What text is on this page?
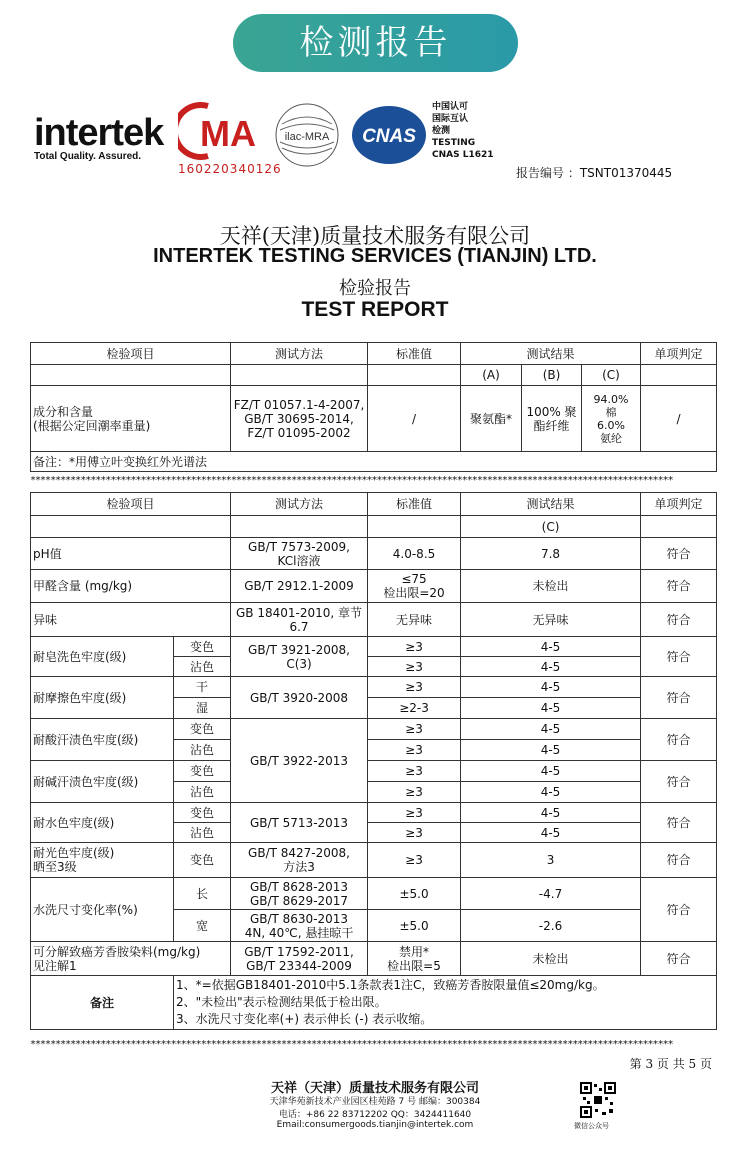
检测报告
intertek
Total Quality. Assured.
MA
160220340126
ilac-MRA CNAS
中国认可
国际互认
检测
TESTING
CNAS L1621
报告编号 ：TSNT01370445
天祥(天津)质量技术服务有限公司
INTERTEK TESTING SERVICES (TIANJIN) LTD.
检验报告
TEST REPORT
检验项目	测试方法	标准值	测试结果			单项判定
			(A)	(B)	(C)	
成分和含量
(根据公定回潮率重量)	FZ/T 01057.1-4-2007,
GB/T 30695-2014,
FZ/T 01095-2002	/	聚氨酯*	100% 聚
酯纤维	94.0%
棉
6.0%
氨纶	/
备注：*用傅立叶变换红外光谱法						
********************************************************************************************************************************
检验项目		测试方法	标准值	测试结果	单项判定
				(C)	
pH值		GB/T 7573-2009,
KCl溶液	4.0-8.5	7.8	符合
甲醛含量 (mg/kg)		GB/T 2912.1-2009	≤75
检出限=20	未检出	符合
异味		GB 18401-2010, 章节
6.7	无异味	无异味	符合
耐皂洗色牢度(级)	变色	GB/T 3921-2008,
C(3)	≥3	4-5	符合
	沾色		≥3	4-5	
耐摩擦色牢度(级)	干	GB/T 3920-2008	≥3	4-5	符合
	湿		≥2-3	4-5	
耐酸汗渍色牢度(级)	变色	GB/T 3922-2013	≥3	4-5	符合
	沾色		≥3	4-5	
耐碱汗渍色牢度(级)	变色		≥3	4-5	符合
	沾色		≥3	4-5	
耐水色牢度(级)	变色	GB/T 5713-2013	≥3	4-5	符合
	沾色		≥3	4-5	
耐光色牢度(级)
晒至3级	变色	GB/T 8427-2008,
方法3	≥3	3	符合
水洗尺寸变化率(%)	长	GB/T 8628-2013
GB/T 8629-2017	±5.0	-4.7	符合
	宽	GB/T 8630-2013
4N, 40℃, 悬挂晾干	±5.0	-2.6	
可分解致癌芳香胺染料(mg/kg)
见注解1		GB/T 17592-2011,
GB/T 23344-2009	禁用*
检出限=5	未检出	符合
备注	1、*=依据GB18401-2010中5.1条款表1注C，致癌芳香胺限量值≤20mg/kg。
2、"未检出"表示检测结果低于检出限。
3、水洗尺寸变化率(+) 表示伸长 (-) 表示收缩。				
********************************************************************************************************************************
第 3 页 共 5 页
天祥（天津）质量技术服务有限公司
天津华苑新技术产业园区桂苑路 7 号 邮编：300384
电话：+86 22 83712202 QQ：3424411640
Email:consumergoods.tianjin@intertek.com	微信公众号
